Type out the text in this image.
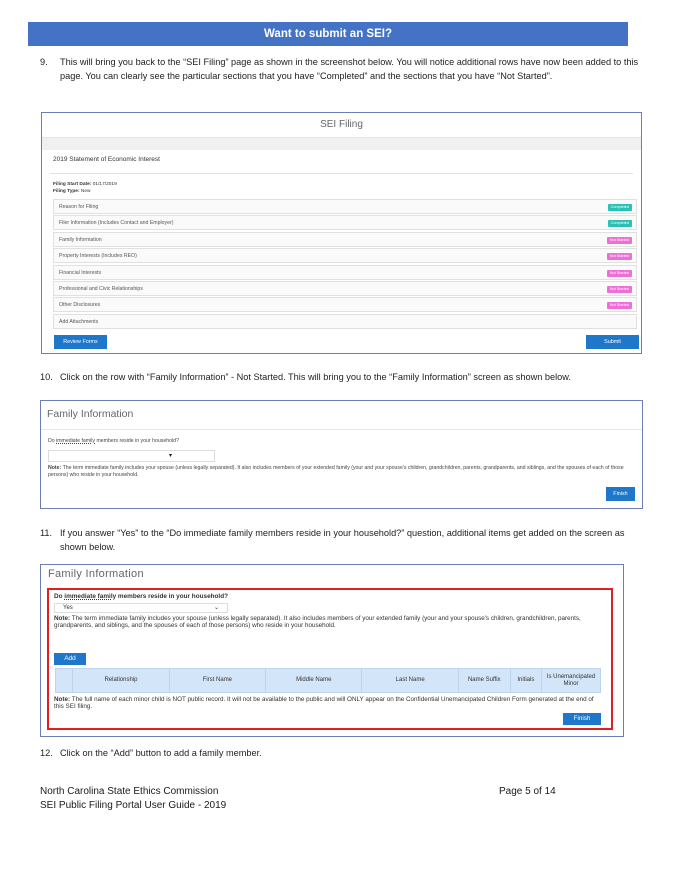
Want to submit an SEI?
9. This will bring you back to the “SEI Filing” page as shown in the screenshot below. You will notice additional rows have now been added to this page. You can clearly see the particular sections that you have “Completed” and the sections that you have “Not Started”.
SEI Filing
2019 Statement of Economic Interest
Filing Start Date: 01/17/2019
Filing Type: New
Reason for Filing	Completed
Filer Information (Includes Contact and Employer)	Completed
Family Information	Not Started
Property Interests (Includes REO)	Not Started
Financial Interests	Not Started
Professional and Civic Relationships	Not Started
Other Disclosures	Not Started
Add Attachments
Review Forms	Submit
10. Click on the row with “Family Information” - Not Started. This will bring you to the “Family Information” screen as shown below.
Family Information
Do immediate family members reside in your household?
▾
Note: The term immediate family includes your spouse (unless legally separated). It also includes members of your extended family (your and your spouse's children, grandchildren, parents, grandparents, and siblings, and the spouses of each of those persons) who reside in your household.
Finish
11. If you answer “Yes” to the “Do immediate family members reside in your household?” question, additional items get added on the screen as shown below.
Family Information
Do immediate family members reside in your household?
Yes	⌄
Note: The term immediate family includes your spouse (unless legally separated). It also includes members of your extended family (your and your spouse's children, grandchildren, parents, grandparents, and siblings, and the spouses of each of those persons) who reside in your household.
Add
	Relationship	First Name	Middle Name	Last Name	Name Suffix	Initials	Is Unemancipated Minor
Note: The full name of each minor child is NOT public record. It will not be available to the public and will ONLY appear on the Confidential Unemancipated Children Form generated at the end of this SEI filing.
Finish
12. Click on the “Add” button to add a family member.
North Carolina State Ethics Commission
SEI Public Filing Portal User Guide - 2019
Page 5 of 14
